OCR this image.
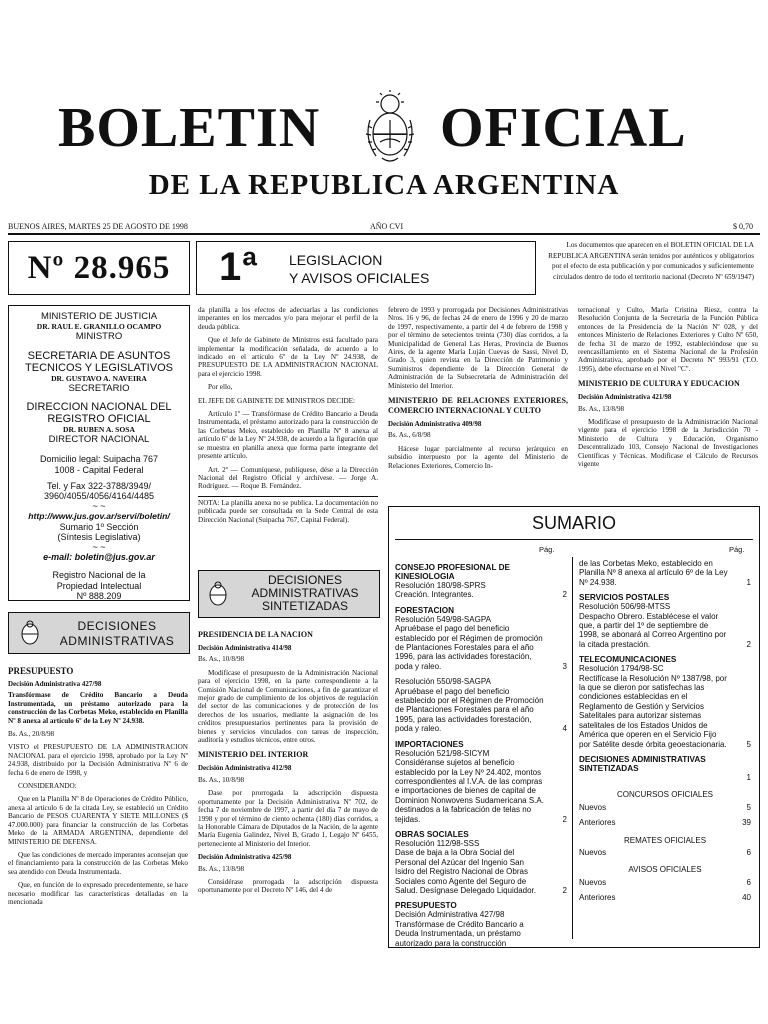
BOLETIN OFICIAL
DE LA REPUBLICA ARGENTINA
BUENOS AIRES, MARTES 25 DE AGOSTO DE 1998	AÑO CVI	$ 0,70
Nº 28.965	1ª LEGISLACION
Y AVISOS OFICIALES
Los documentos que aparecen en el BOLETIN OFICIAL DE LA REPUBLICA ARGENTINA serán tenidos por auténticos y obligatorios por el efecto de esta publicación y por comunicados y suficientemente circulados dentro de todo el territorio nacional (Decreto Nº 659/1947)
MINISTERIO DE JUSTICIA
DR. RAUL E. GRANILLO OCAMPO
MINISTRO
SECRETARIA DE ASUNTOS
TECNICOS Y LEGISLATIVOS
DR. GUSTAVO A. NAVEIRA
SECRETARIO
DIRECCION NACIONAL DEL
REGISTRO OFICIAL
DR. RUBEN A. SOSA
DIRECTOR NACIONAL
Domicilio legal: Suipacha 767
1008 - Capital Federal
Tel. y Fax 322-3788/3949/
3960/4055/4056/4164/4485
~ ~
http://www.jus.gov.ar/servi/boletin/
Sumario 1º Sección
(Síntesis Legislativa)
~ ~
e-mail: boletin@jus.gov.ar
Registro Nacional de la
Propiedad Intelectual
Nº 888.209
DECISIONES
ADMINISTRATIVAS
PRESUPUESTO
Decisión Administrativa 427/98

Transfórmase de Crédito Bancario a Deuda Instrumentada, un préstamo autorizado para la construcción de las Corbetas Meko, establecido en Planilla Nº 8 anexa al artículo 6º de la Ley Nº 24.938.

Bs. As., 20/8/98

VISTO el PRESUPUESTO DE LA ADMINISTRACION NACIONAL para el ejercicio 1998, aprobado por la Ley Nº 24.938, distribuido por la Decisión Administrativa Nº 6 de fecha 6 de enero de 1998, y

CONSIDERANDO:

Que en la Planilla Nº 8 de Operaciones de Crédito Público, anexa al artículo 6 de la citada Ley, se estableció un Crédito Bancario de PESOS CUARENTA Y SIETE MILLONES ($ 47.000.000) para financiar la construcción de las Corbetas Meko de la ARMADA ARGENTINA, dependiente del MINISTERIO DE DEFENSA.

Que las condiciones de mercado imperantes aconsejan que el financiamiento para la construcción de las Corbetas Meko sea atendido con Deuda Instrumentada.

Que, en función de lo expresado precedentemente, se hace necesario modificar las características detalladas en la mencionada

da planilla a los efectos de adecuarlas a las condiciones imperantes en los mercados y/o para mejorar el perfil de la deuda pública.

Que el Jefe de Gabinete de Ministros está facultado para implementar la modificación señalada, de acuerdo a lo indicado en el artículo 6º de la Ley Nº 24.938, de PRESUPUESTO DE LA ADMINISTRACION NACIONAL para el ejercicio 1998.

Por ello,

EL JEFE DE GABINETE DE MINISTROS DECIDE:

Artículo 1º — Transfórmase de Crédito Bancario a Deuda Instrumentada, el préstamo autorizado para la construcción de las Corbetas Meko, establecido en Planilla Nº 8 anexa al artículo 6º de la Ley Nº 24.938, de acuerdo a la figuración que se muestra en planilla anexa que forma parte integrante del presente artículo.

Art. 2º — Comuníquese, publíquese, dése a la Dirección Nacional del Registro Oficial y archívese. — Jorge A. Rodríguez. — Roque B. Fernández.

NOTA: La planilla anexa no se publica. La documentación no publicada puede ser consultada en la Sede Central de esta Dirección Nacional (Suipacha 767, Capital Federal).

DECISIONES
ADMINISTRATIVAS
SINTETIZADAS
PRESIDENCIA DE LA NACION
Decisión Administrativa 414/98

Bs. As., 10/8/98

Modifícase el presupuesto de la Administración Nacional para el ejercicio 1998, en la parte correspondiente a la Comisión Nacional de Comunicaciones, a fin de garantizar el mejor grado de cumplimiento de los objetivos de regulación del sector de las comunicaciones y de protección de los derechos de los usuarios, mediante la asignación de los créditos presupuestarios pertinentes para la provisión de bienes y servicios vinculados con tareas de inspección, auditoría y estudios técnicos, entre otros.

MINISTERIO DEL INTERIOR
Decisión Administrativa 412/98

Bs. As., 10/8/98

Dase por prorrogada la adscripción dispuesta oportunamente por la Decisión Administrativa Nº 702, de fecha 7 de noviembre de 1997, a partir del día 7 de mayo de 1998 y por el término de ciento ochenta (180) días corridos, a la Honorable Cámara de Diputados de la Nación, de la agente María Eugenia Galindez, Nivel B, Grado 1, Legajo Nº 6455, perteneciente al Ministerio del Interior.

Decisión Administrativa 425/98

Bs. As., 13/8/98

Considérase prorrogada la adscripción dispuesta oportunamente por el Decreto Nº 146, del 4 de

febrero de 1993 y prorrogada por Decisiones Administrativas Nros. 16 y 96, de fechas 24 de enero de 1996 y 20 de marzo de 1997, respectivamente, a partir del 4 de febrero de 1998 y por el término de setecientos treinta (730) días corridos, a la Municipalidad de General Las Heras, Provincia de Buenos Aires, de la agente María Luján Cuevas de Sassi, Nivel D, Grado 3, quien revista en la Dirección de Patrimonio y Suministros dependiente de la Dirección General de Administración de la Subsecretaría de Administración del Ministerio del Interior.

MINISTERIO DE RELACIONES EXTERIORES, COMERCIO INTERNACIONAL Y CULTO
Decisión Administrativa 409/98

Bs. As., 6/8/98

Hácese lugar parcialmente al recurso jerárquico en subsidio interpuesto por la agente del Ministerio de Relaciones Exteriores, Comercio In-

ternacional y Culto, María Cristina Riesz, contra la Resolución Conjunta de la Secretaría de la Función Pública entonces de la Presidencia de la Nación Nº 028, y del entonces Ministerio de Relaciones Exteriores y Culto Nº 650, de fecha 31 de marzo de 1992, establecióndose que su reencasillamiento en el Sistema Nacional de la Profesión Administrativa, aprobado por el Decreto Nº 993/91 (T.O. 1995), debe efectuarse en el Nivel "C".

MINISTERIO DE CULTURA Y EDUCACION
Decisión Administrativa 421/98

Bs. As., 13/8/98

Modifícase el presupuesto de la Administración Nacional vigente para el ejercicio 1998 de la Jurisdicción 70 -Ministerio de Cultura y Educación, Organismo Descentralizado 103, Consejo Nacional de Investigaciones Científicas y Técnicas. Modifícase el Cálculo de Recursos vigente

SUMARIO
Pág.	Pág.
CONSEJO PROFESIONAL DE KINESIOLOGIA
Resolución 180/98-SPRS
Creación. Integrantes.	2
FORESTACION
Resolución 549/98-SAGPA
Apruébase el pago del beneficio establecido por el Régimen de promoción de Plantaciones Forestales para el año 1996, para las actividades forestación, poda y raleo.	3
Resolución 550/98-SAGPA
Apruébase el pago del beneficio establecido por el Régimen de Promoción de Plantaciones Forestales para el año 1995, para las actividades forestación, poda y raleo.	4
IMPORTACIONES
Resolución 521/98-SICYM
Considéranse sujetos al beneficio establecido por la Ley Nº 24.402, montos correspondientes al I.V.A. de las compras e importaciones de bienes de capital de Dominion Nonwovens Sudamericana S.A. destinados a la fabricación de telas no tejidas.	2
OBRAS SOCIALES
Resolución 112/98-SSS
Dase de baja a la Obra Social del Personal del Azúcar del Ingenio San Isidro del Registro Nacional de Obras Sociales como Agente del Seguro de Salud. Desígnase Delegado Liquidador.	2
PRESUPUESTO
Decisión Administrativa 427/98
Transfórmase de Crédito Bancario a Deuda Instrumentada, un préstamo autorizado para la construcción
de las Corbetas Meko, establecido en Planilla Nº 8 anexa al artículo 6º de la Ley Nº 24.938.	1
SERVICIOS POSTALES
Resolución 506/98-MTSS
Despacho Obrero. Establécese el valor que, a partir del 1º de septiembre de 1998, se abonará al Correo Argentino por la citada prestación.	2
TELECOMUNICACIONES
Resolución 1794/98-SC
Rectifícase la Resolución Nº 1387/98, por la que se dieron por satisfechas las condiciones establecidas en el Reglamento de Gestión y Servicios Satelitales para autorizar sistemas satelitales de los Estados Unidos de América que operen en el Servicio Fijo por Satélite desde órbita geoestacionaria. 5
DECISIONES ADMINISTRATIVAS SINTETIZADAS
1
CONCURSOS OFICIALES
Nuevos	5
Anteriores	39
REMATES OFICIALES
Nuevos	6
AVISOS OFICIALES
Nuevos	6
Anteriores	40
